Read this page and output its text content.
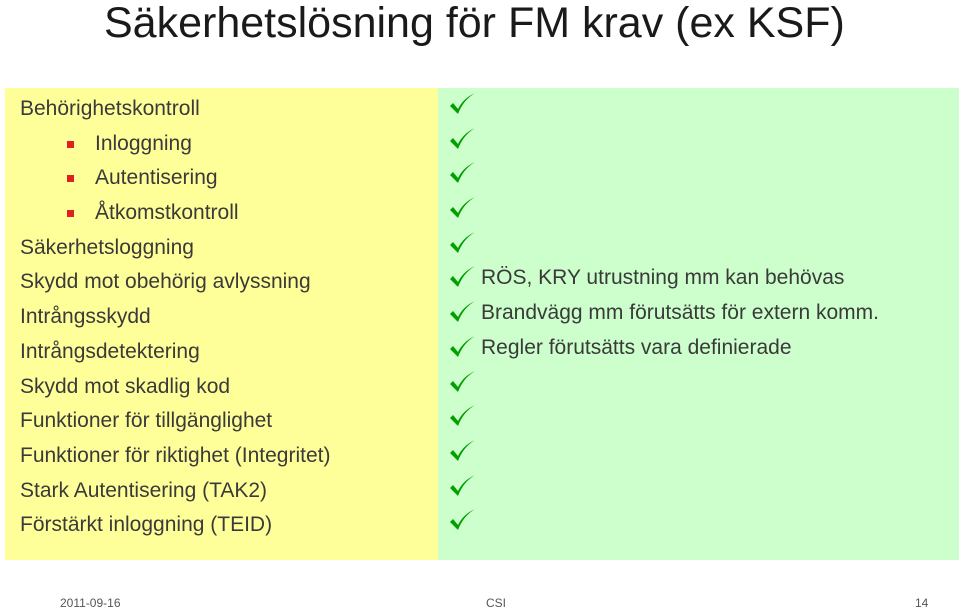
Säkerhetslösning för FM krav (ex KSF)
Behörighetskontroll
Inloggning
Autentisering
Åtkomstkontroll
Säkerhetsloggning
Skydd mot obehörig avlyssning
Intrångsskydd
Intrångsdetektering
Skydd mot skadlig kod
Funktioner för tillgänglighet
Funktioner för riktighet (Integritet)
Stark Autentisering (TAK2)
Förstärkt inloggning (TEID)
RÖS, KRY utrustning mm kan behövas
Brandvägg mm förutsätts för extern komm.
Regler förutsätts vara definierade
2011-09-16	CSI	14
